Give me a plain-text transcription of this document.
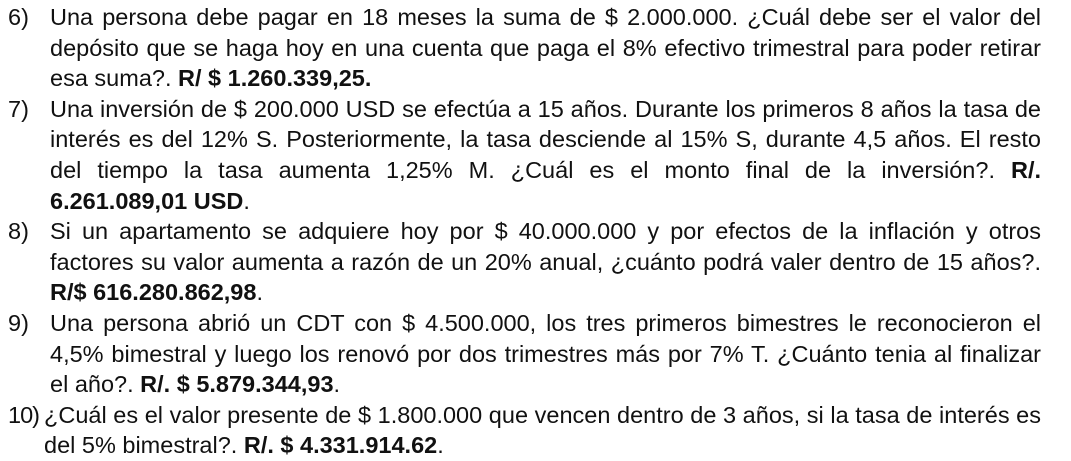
6) Una persona debe pagar en 18 meses la suma de $ 2.000.000. ¿Cuál debe ser el valor del depósito que se haga hoy en una cuenta que paga el 8% efectivo trimestral para poder retirar esa suma?. R/ $ 1.260.339,25.
7) Una inversión de $ 200.000 USD se efectúa a 15 años. Durante los primeros 8 años la tasa de interés es del 12% S. Posteriormente, la tasa desciende al 15% S, durante 4,5 años. El resto del tiempo la tasa aumenta 1,25% M. ¿Cuál es el monto final de la inversión?. R/. 6.261.089,01 USD.
8) Si un apartamento se adquiere hoy por $ 40.000.000 y por efectos de la inflación y otros factores su valor aumenta a razón de un 20% anual, ¿cuánto podrá valer dentro de 15 años?. R/$ 616.280.862,98.
9) Una persona abrió un CDT con $ 4.500.000, los tres primeros bimestres le reconocieron el 4,5% bimestral y luego los renovó por dos trimestres más por 7% T. ¿Cuánto tenia al finalizar el año?. R/. $ 5.879.344,93.
10) ¿Cuál es el valor presente de $ 1.800.000 que vencen dentro de 3 años, si la tasa de interés es del 5% bimestral?. R/. $ 4.331.914.62.
